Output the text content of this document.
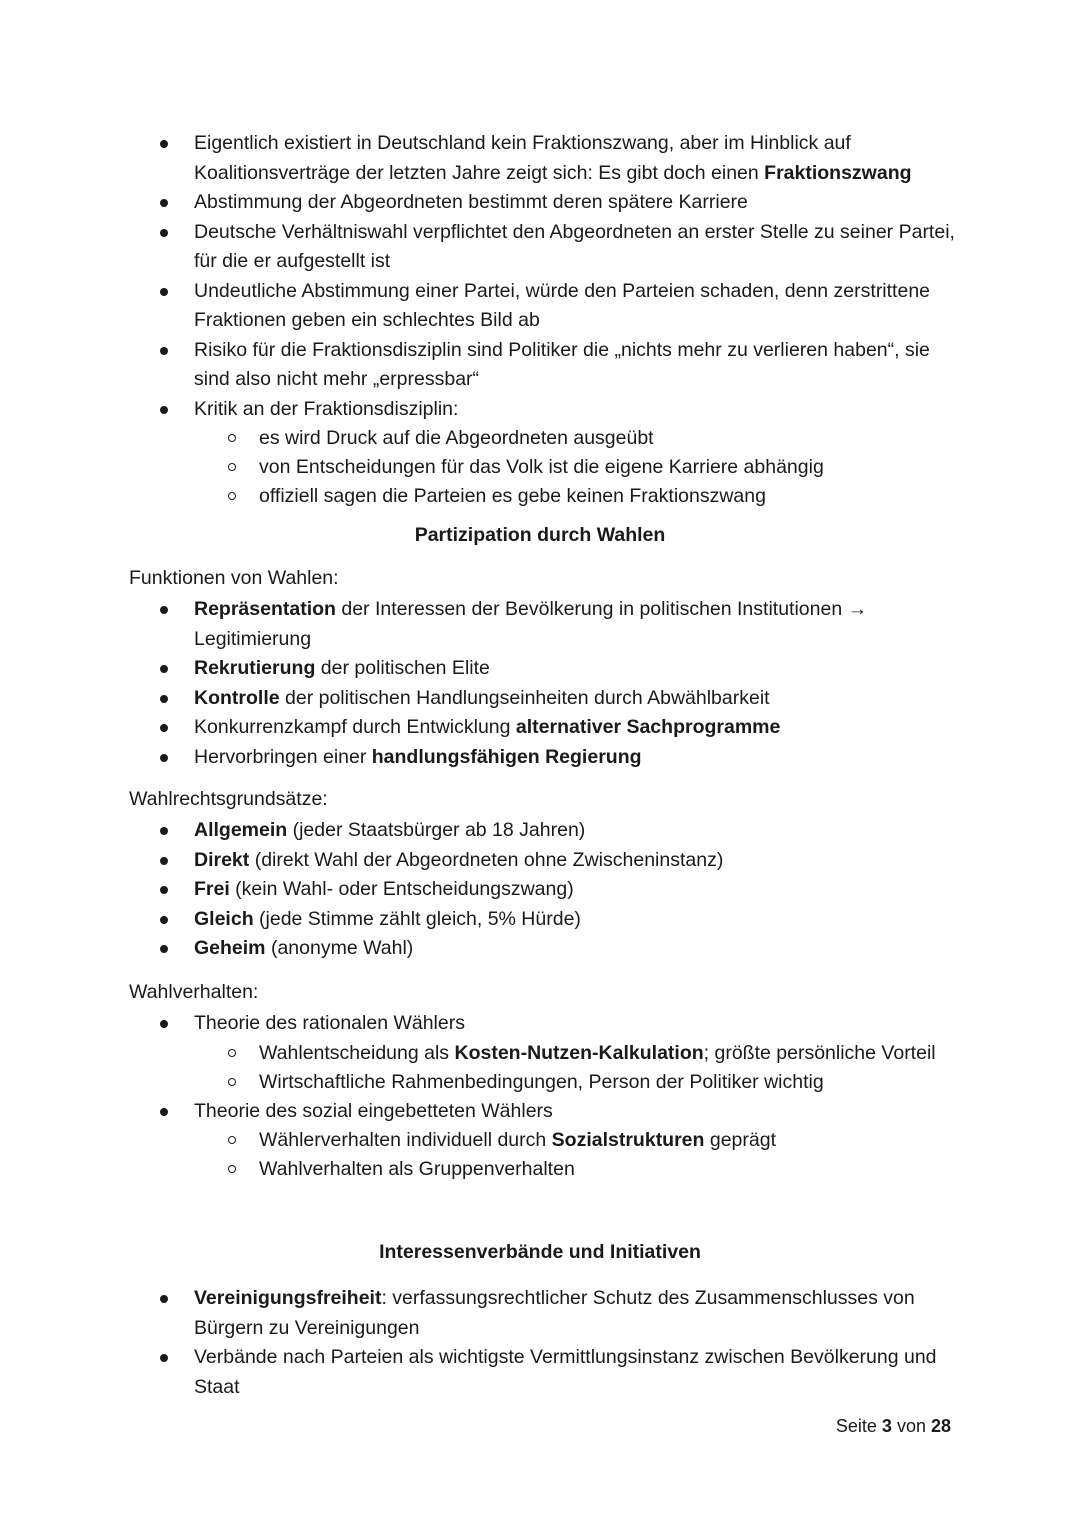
Eigentlich existiert in Deutschland kein Fraktionszwang, aber im Hinblick auf Koalitionsverträge der letzten Jahre zeigt sich: Es gibt doch einen Fraktionszwang
Abstimmung der Abgeordneten bestimmt deren spätere Karriere
Deutsche Verhältniswahl verpflichtet den Abgeordneten an erster Stelle zu seiner Partei, für die er aufgestellt ist
Undeutliche Abstimmung einer Partei, würde den Parteien schaden, denn zerstrittene Fraktionen geben ein schlechtes Bild ab
Risiko für die Fraktionsdisziplin sind Politiker die „nichts mehr zu verlieren haben“, sie sind also nicht mehr „erpressbar“
Kritik an der Fraktionsdisziplin:
es wird Druck auf die Abgeordneten ausgeübt
von Entscheidungen für das Volk ist die eigene Karriere abhängig
offiziell sagen die Parteien es gebe keinen Fraktionszwang
Partizipation durch Wahlen
Funktionen von Wahlen:
Repräsentation der Interessen der Bevölkerung in politischen Institutionen → Legitimierung
Rekrutierung der politischen Elite
Kontrolle der politischen Handlungseinheiten durch Abwählbarkeit
Konkurrenzkampf durch Entwicklung alternativer Sachprogramme
Hervorbringen einer handlungsfähigen Regierung
Wahlrechtsgrundsätze:
Allgemein (jeder Staatsbürger ab 18 Jahren)
Direkt (direkt Wahl der Abgeordneten ohne Zwischeninstanz)
Frei (kein Wahl- oder Entscheidungszwang)
Gleich (jede Stimme zählt gleich, 5% Hürde)
Geheim (anonyme Wahl)
Wahlverhalten:
Theorie des rationalen Wählers
Wahlentscheidung als Kosten-Nutzen-Kalkulation; größte persönliche Vorteil
Wirtschaftliche Rahmenbedingungen, Person der Politiker wichtig
Theorie des sozial eingebetteten Wählers
Wählerverhalten individuell durch Sozialstrukturen geprägt
Wahlverhalten als Gruppenverhalten
Interessenverbände und Initiativen
Vereinigungsfreiheit: verfassungsrechtlicher Schutz des Zusammenschlusses von Bürgern zu Vereinigungen
Verbände nach Parteien als wichtigste Vermittlungsinstanz zwischen Bevölkerung und Staat
Seite 3 von 28
